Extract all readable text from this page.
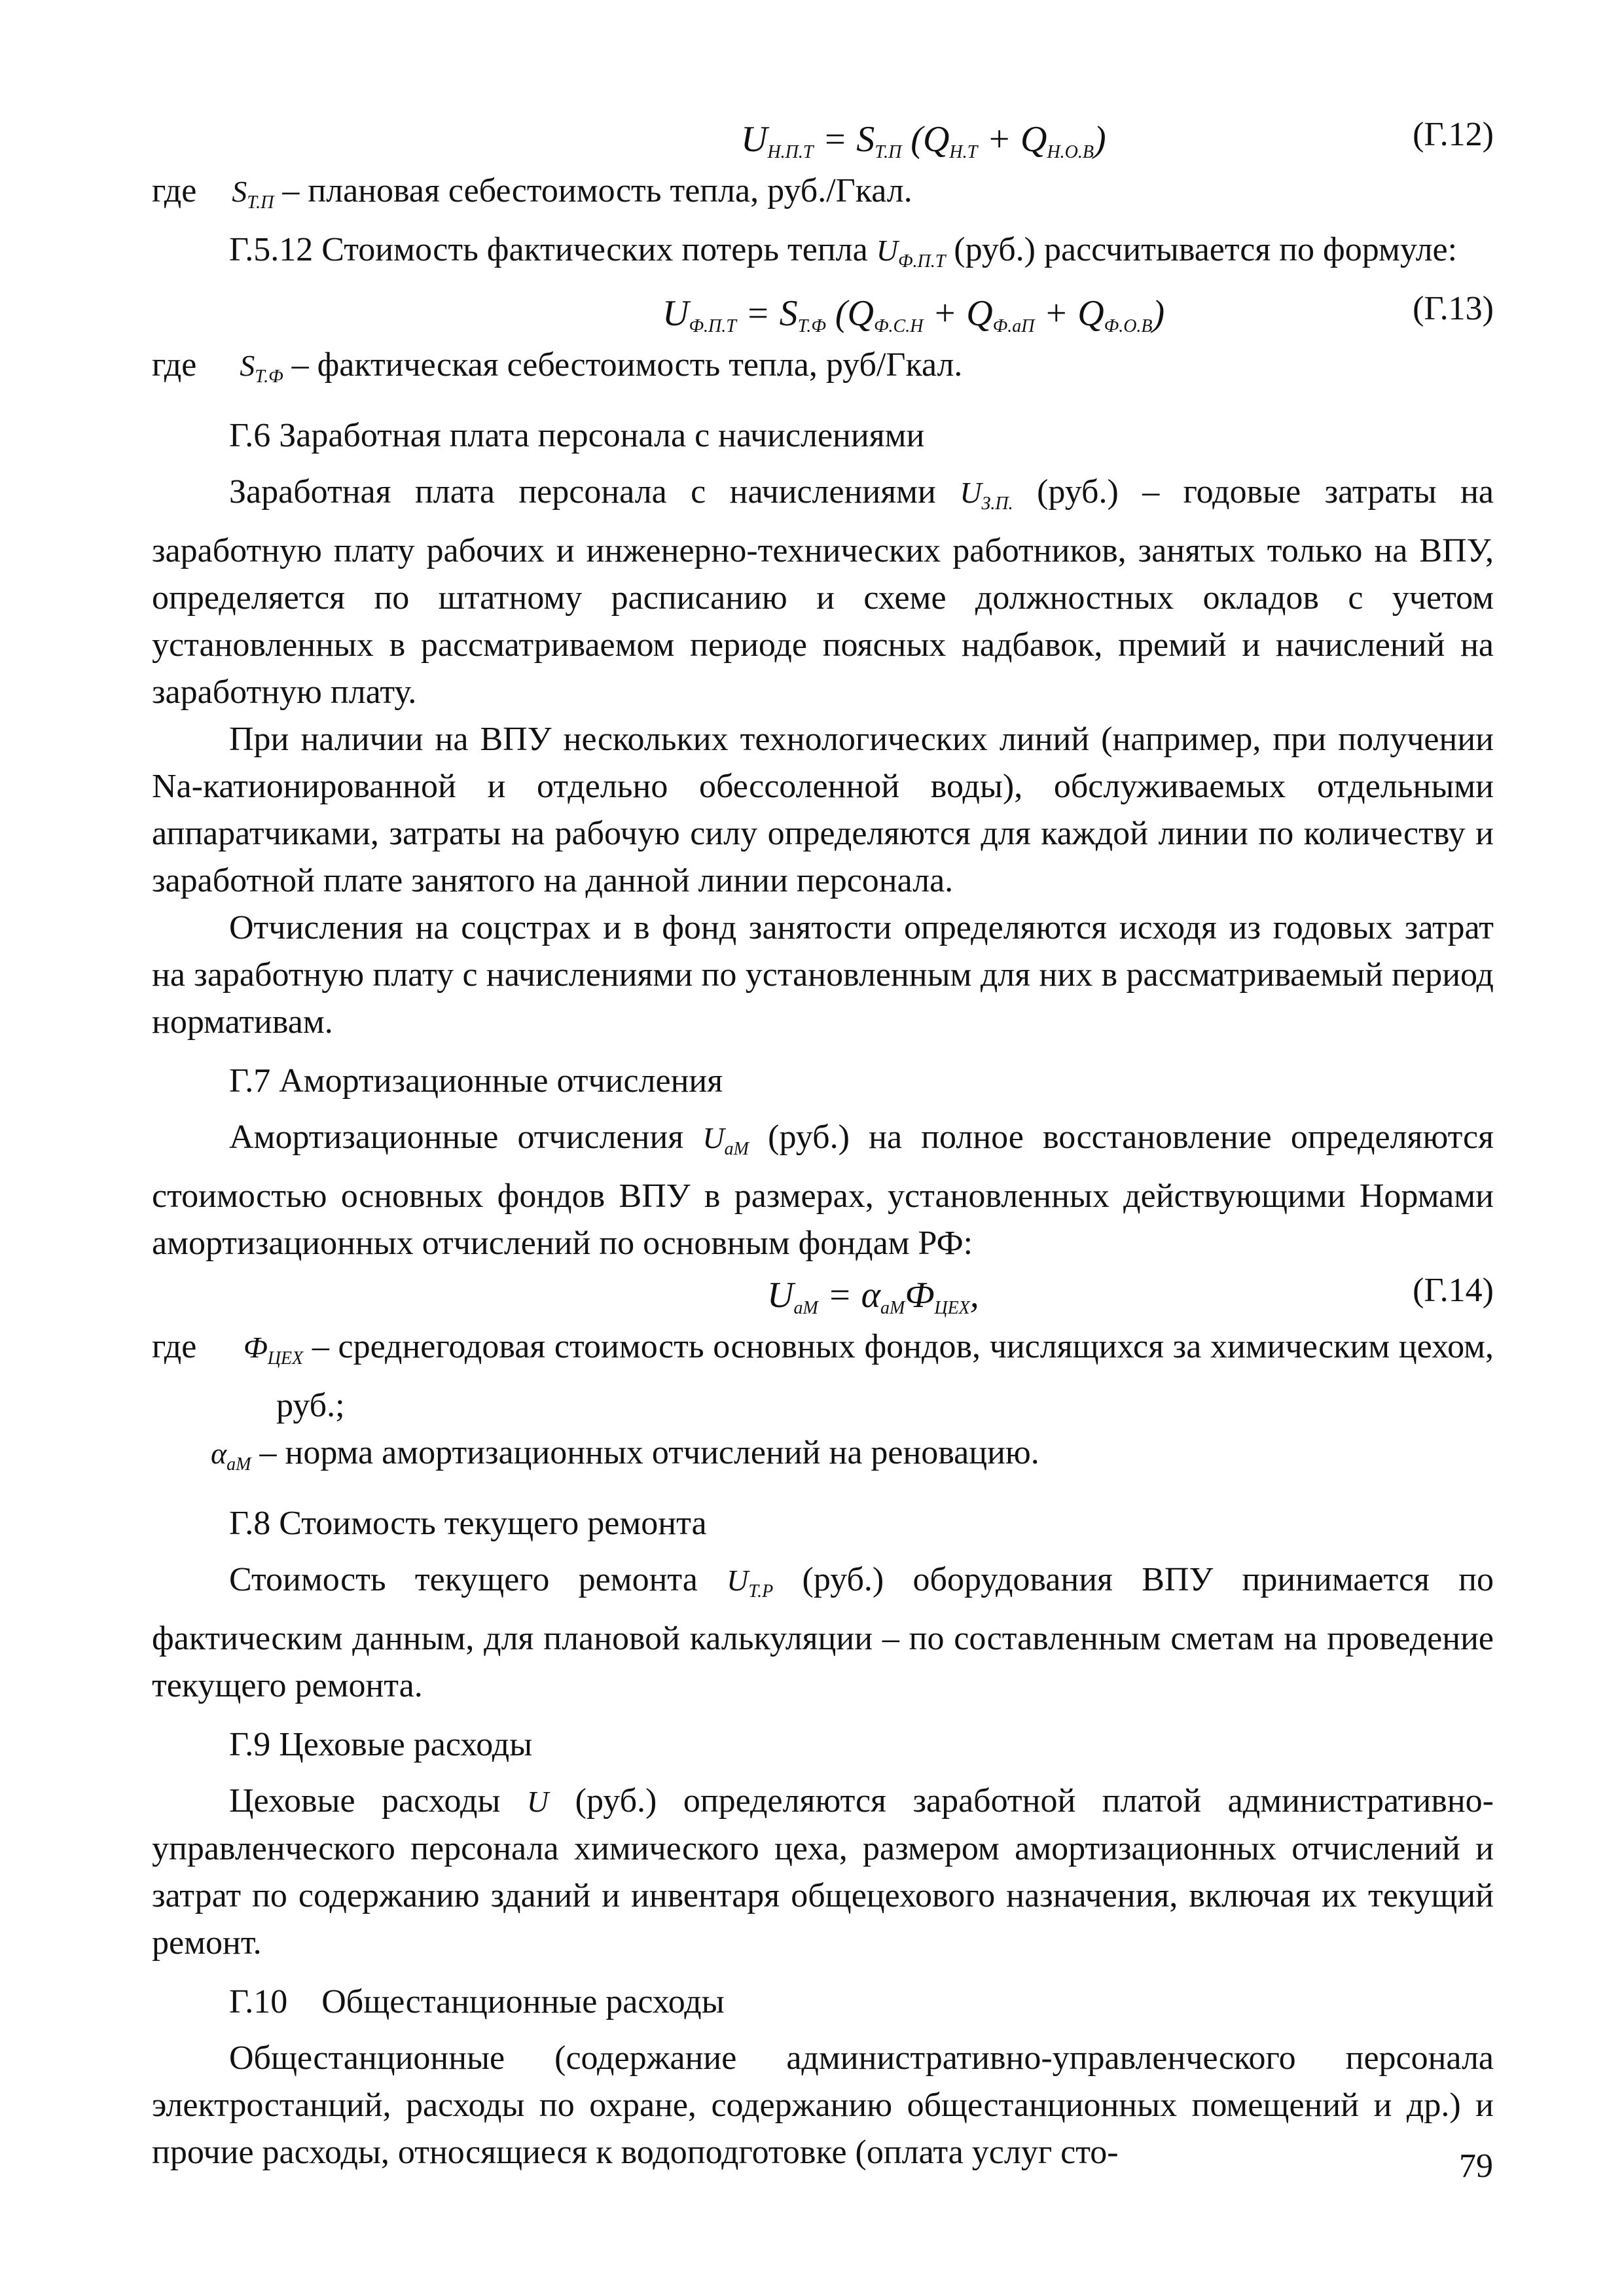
$U_{Н.П.Т} = S_{Т.П}$ $(Q_{Н.Т} + Q_{Н.О.В})$	(Г.12)

где $S_{Т.П}$ – плановая себестоимость тепла, руб./Гкал.

Г.5.12 Стоимость фактических потерь тепла $U_{Ф.П.Т}$ (руб.) рассчитывается по формуле:

$U_{Ф.П.Т} = S_{Т.Ф}$ $(Q_{Ф.С.Н} + Q_{Ф.аП} + Q_{Ф.О.В})$	(Г.13)

где $S_{Т.Ф}$ – фактическая себестоимость тепла, руб/Гкал.

Г.6 Заработная плата персонала с начислениями

Заработная плата персонала с начислениями $U_{З.П.}$ (руб.) – годовые затраты на заработную плату рабочих и инженерно-технических работников, занятых только на ВПУ, определяется по штатному расписанию и схеме должностных окладов с учетом установленных в рассматриваемом периоде поясных надбавок, премий и начислений на заработную плату.

При наличии на ВПУ нескольких технологических линий (например, при получении Na-катионированной и отдельно обессоленной воды), обслуживаемых отдельными аппаратчиками, затраты на рабочую силу определяются для каждой линии по количеству и заработной плате занятого на данной линии персонала.

Отчисления на соцстрах и в фонд занятости определяются исходя из годовых затрат на заработную плату с начислениями по установленным для них в рассматриваемый период нормативам.

Г.7 Амортизационные отчисления

Амортизационные отчисления $U_{аМ}$ (руб.) на полное восстановление определяются стоимостью основных фондов ВПУ в размерах, установленных действующими Нормами амортизационных отчислений по основным фондам РФ:

$U_{аМ} = \alpha_{аМ}Ф_{ЦЕХ}$,	(Г.14)

где $Ф_{ЦЕХ}$ – среднегодовая стоимость основных фондов, числящихся за химическим цехом, руб.;

$\alpha_{аМ}$ – норма амортизационных отчислений на реновацию.

Г.8 Стоимость текущего ремонта

Стоимость текущего ремонта $U_{Т.Р}$ (руб.) оборудования ВПУ принимается по фактическим данным, для плановой калькуляции – по составленным сметам на проведение текущего ремонта.

Г.9 Цеховые расходы

Цеховые расходы U (руб.) определяются заработной платой административно-управленческого персонала химического цеха, размером амортизационных отчислений и затрат по содержанию зданий и инвентаря общецехового назначения, включая их текущий ремонт.

Г.10    Общестанционные расходы

Общестанционные (содержание административно-управленческого персонала электростанций, расходы по охране, содержанию общестанционных помещений и др.) и прочие расходы, относящиеся к водоподготовке (оплата услуг сто-	79
